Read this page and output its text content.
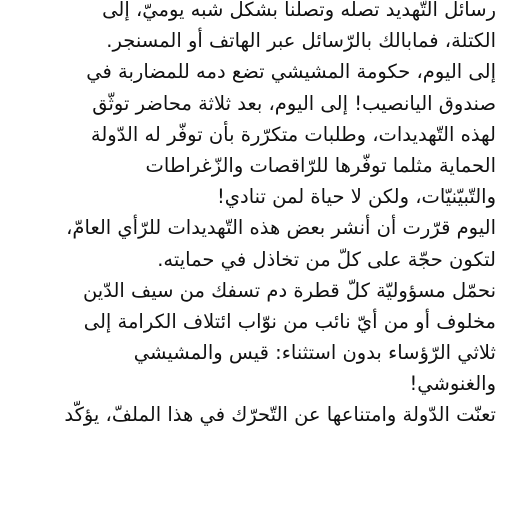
رسائل التّهديد تصله وتصلنا بشكل شبه يوميّ، إلى
الكتلة، فمابالك بالرّسائل عبر الهاتف أو المسنجر.
إلى اليوم، حكومة المشيشي تضع دمه للمضاربة في
صندوق اليانصيب! إلى اليوم، بعد ثلاثة محاضر توثّق
لهذه التّهديدات، وطلبات متكرّرة بأن توفّر له الدّولة
الحماية مثلما توفّرها للرّاقصات والزّغراطات
والتّبيّنيّات، ولكن لا حياة لمن تنادي!
اليوم قرّرت أن أنشر بعض هذه التّهديدات للرّأي العامّ،
لتكون حجّة على كلّ من تخاذل في حمايته.
نحمّل مسؤوليّة كلّ قطرة دم تسفك من سيف الدّين
مخلوف أو من أيّ نائب من نوّاب ائتلاف الكرامة إلى
ثلاثي الرّؤساء بدون استثناء: قيس والمشيشي
والغنوشي!
تعنّت الدّولة وامتناعها عن التّحرّك في هذا الملفّ، يؤكّد
